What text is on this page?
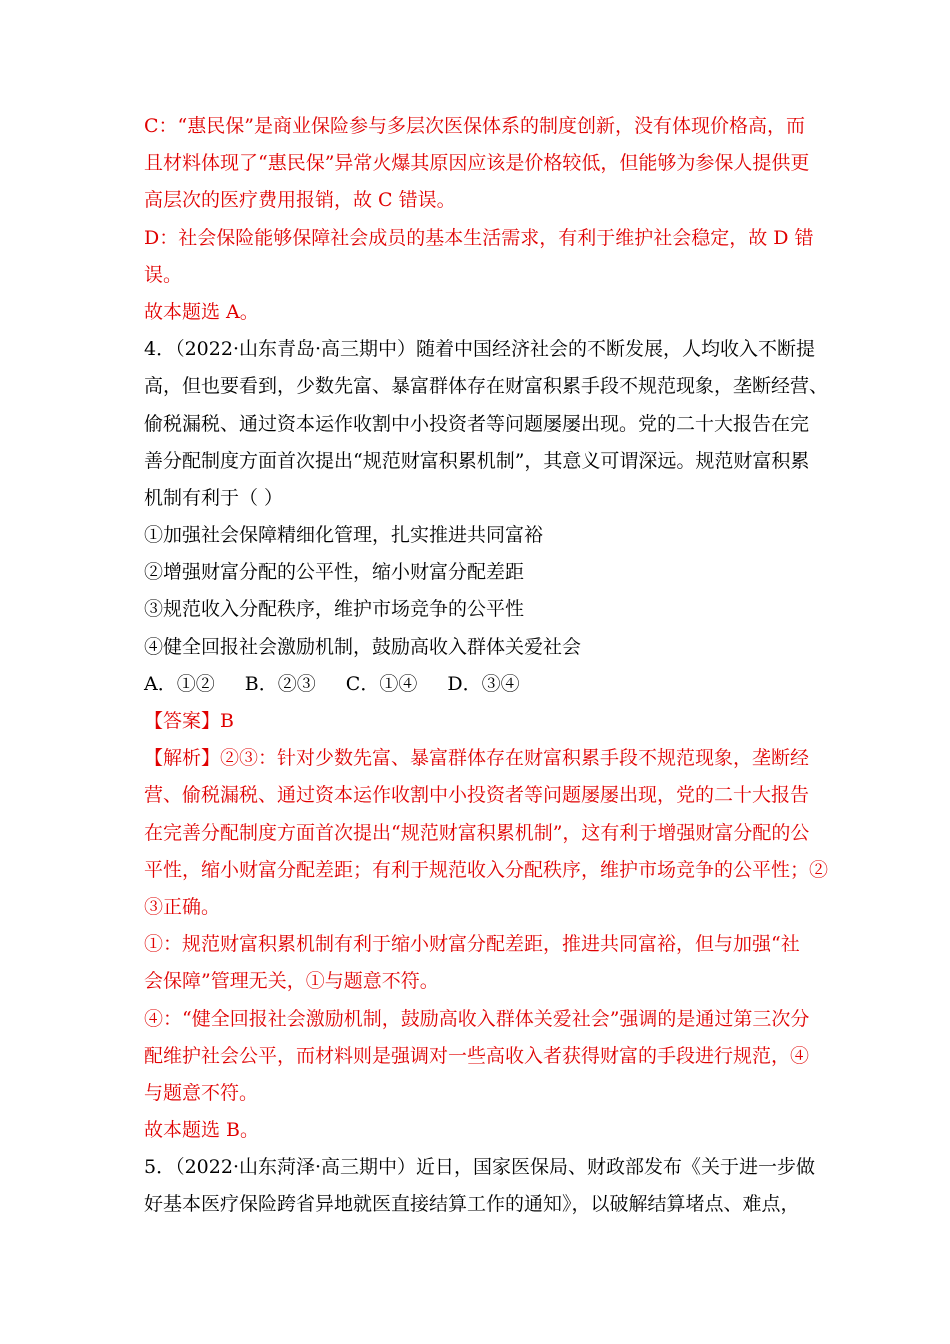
C：“惠民保”是商业保险参与多层次医保体系的制度创新，没有体现价格高，而
且材料体现了“惠民保”异常火爆其原因应该是价格较低，但能够为参保人提供更
高层次的医疗费用报销，故 C 错误。
D：社会保险能够保障社会成员的基本生活需求，有利于维护社会稳定，故 D 错
误。
故本题选 A。
4．（2022·山东青岛·高三期中）随着中国经济社会的不断发展，人均收入不断提
高，但也要看到，少数先富、暴富群体存在财富积累手段不规范现象，垄断经营、
偷税漏税、通过资本运作收割中小投资者等问题屡屡出现。党的二十大报告在完
善分配制度方面首次提出“规范财富积累机制”，其意义可谓深远。规范财富积累
机制有利于（ ）
①加强社会保障精细化管理，扎实推进共同富裕
②增强财富分配的公平性，缩小财富分配差距
③规范收入分配秩序，维护市场竞争的公平性
④健全回报社会激励机制，鼓励高收入群体关爱社会
A．①② B．②③ C．①④ D．③④
【答案】B
【解析】②③：针对少数先富、暴富群体存在财富积累手段不规范现象，垄断经
营、偷税漏税、通过资本运作收割中小投资者等问题屡屡出现，党的二十大报告
在完善分配制度方面首次提出“规范财富积累机制”，这有利于增强财富分配的公
平性，缩小财富分配差距；有利于规范收入分配秩序，维护市场竞争的公平性；②
③正确。
①：规范财富积累机制有利于缩小财富分配差距，推进共同富裕，但与加强“社
会保障”管理无关，①与题意不符。
④：“健全回报社会激励机制，鼓励高收入群体关爱社会”强调的是通过第三次分
配维护社会公平，而材料则是强调对一些高收入者获得财富的手段进行规范，④
与题意不符。
故本题选 B。
5．（2022·山东菏泽·高三期中）近日，国家医保局、财政部发布《关于进一步做
好基本医疗保险跨省异地就医直接结算工作的通知》，以破解结算堵点、难点，
